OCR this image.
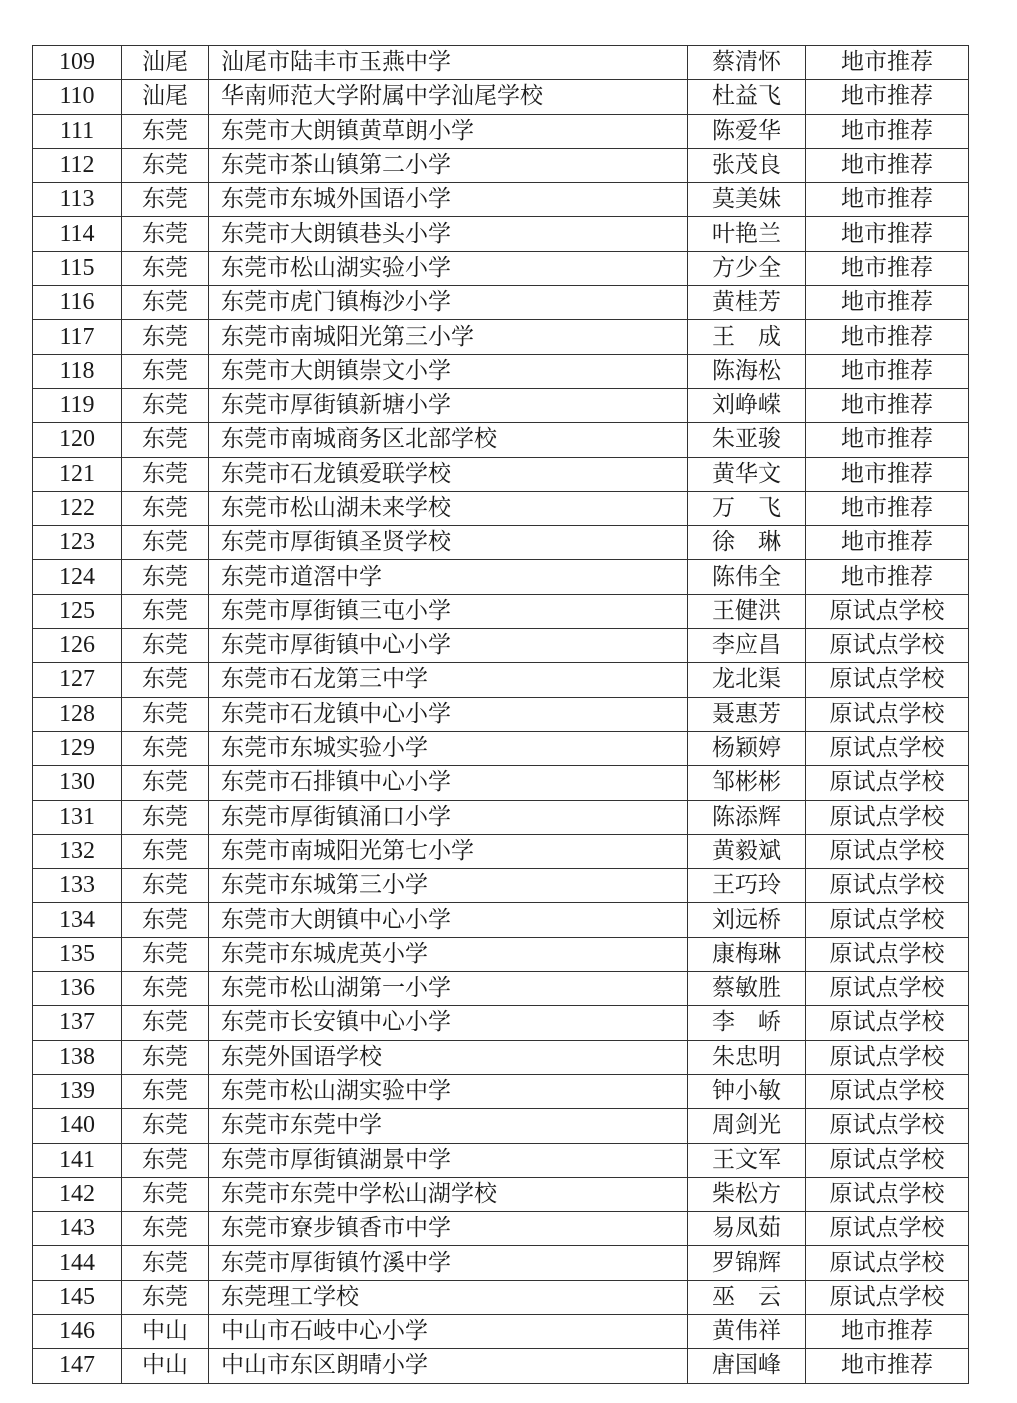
109	汕尾	汕尾市陆丰市玉燕中学	蔡清怀	地市推荐
110	汕尾	华南师范大学附属中学汕尾学校	杜益飞	地市推荐
111	东莞	东莞市大朗镇黄草朗小学	陈爱华	地市推荐
112	东莞	东莞市茶山镇第二小学	张茂良	地市推荐
113	东莞	东莞市东城外国语小学	莫美妹	地市推荐
114	东莞	东莞市大朗镇巷头小学	叶艳兰	地市推荐
115	东莞	东莞市松山湖实验小学	方少全	地市推荐
116	东莞	东莞市虎门镇梅沙小学	黄桂芳	地市推荐
117	东莞	东莞市南城阳光第三小学	王　成	地市推荐
118	东莞	东莞市大朗镇崇文小学	陈海松	地市推荐
119	东莞	东莞市厚街镇新塘小学	刘峥嵘	地市推荐
120	东莞	东莞市南城商务区北部学校	朱亚骏	地市推荐
121	东莞	东莞市石龙镇爱联学校	黄华文	地市推荐
122	东莞	东莞市松山湖未来学校	万　飞	地市推荐
123	东莞	东莞市厚街镇圣贤学校	徐　琳	地市推荐
124	东莞	东莞市道滘中学	陈伟全	地市推荐
125	东莞	东莞市厚街镇三屯小学	王健洪	原试点学校
126	东莞	东莞市厚街镇中心小学	李应昌	原试点学校
127	东莞	东莞市石龙第三中学	龙北渠	原试点学校
128	东莞	东莞市石龙镇中心小学	聂惠芳	原试点学校
129	东莞	东莞市东城实验小学	杨颖婷	原试点学校
130	东莞	东莞市石排镇中心小学	邹彬彬	原试点学校
131	东莞	东莞市厚街镇涌口小学	陈添辉	原试点学校
132	东莞	东莞市南城阳光第七小学	黄毅斌	原试点学校
133	东莞	东莞市东城第三小学	王巧玲	原试点学校
134	东莞	东莞市大朗镇中心小学	刘远桥	原试点学校
135	东莞	东莞市东城虎英小学	康梅琳	原试点学校
136	东莞	东莞市松山湖第一小学	蔡敏胜	原试点学校
137	东莞	东莞市长安镇中心小学	李　峤	原试点学校
138	东莞	东莞外国语学校	朱忠明	原试点学校
139	东莞	东莞市松山湖实验中学	钟小敏	原试点学校
140	东莞	东莞市东莞中学	周剑光	原试点学校
141	东莞	东莞市厚街镇湖景中学	王文军	原试点学校
142	东莞	东莞市东莞中学松山湖学校	柴松方	原试点学校
143	东莞	东莞市寮步镇香市中学	易凤茹	原试点学校
144	东莞	东莞市厚街镇竹溪中学	罗锦辉	原试点学校
145	东莞	东莞理工学校	巫　云	原试点学校
146	中山	中山市石岐中心小学	黄伟祥	地市推荐
147	中山	中山市东区朗晴小学	唐国峰	地市推荐
